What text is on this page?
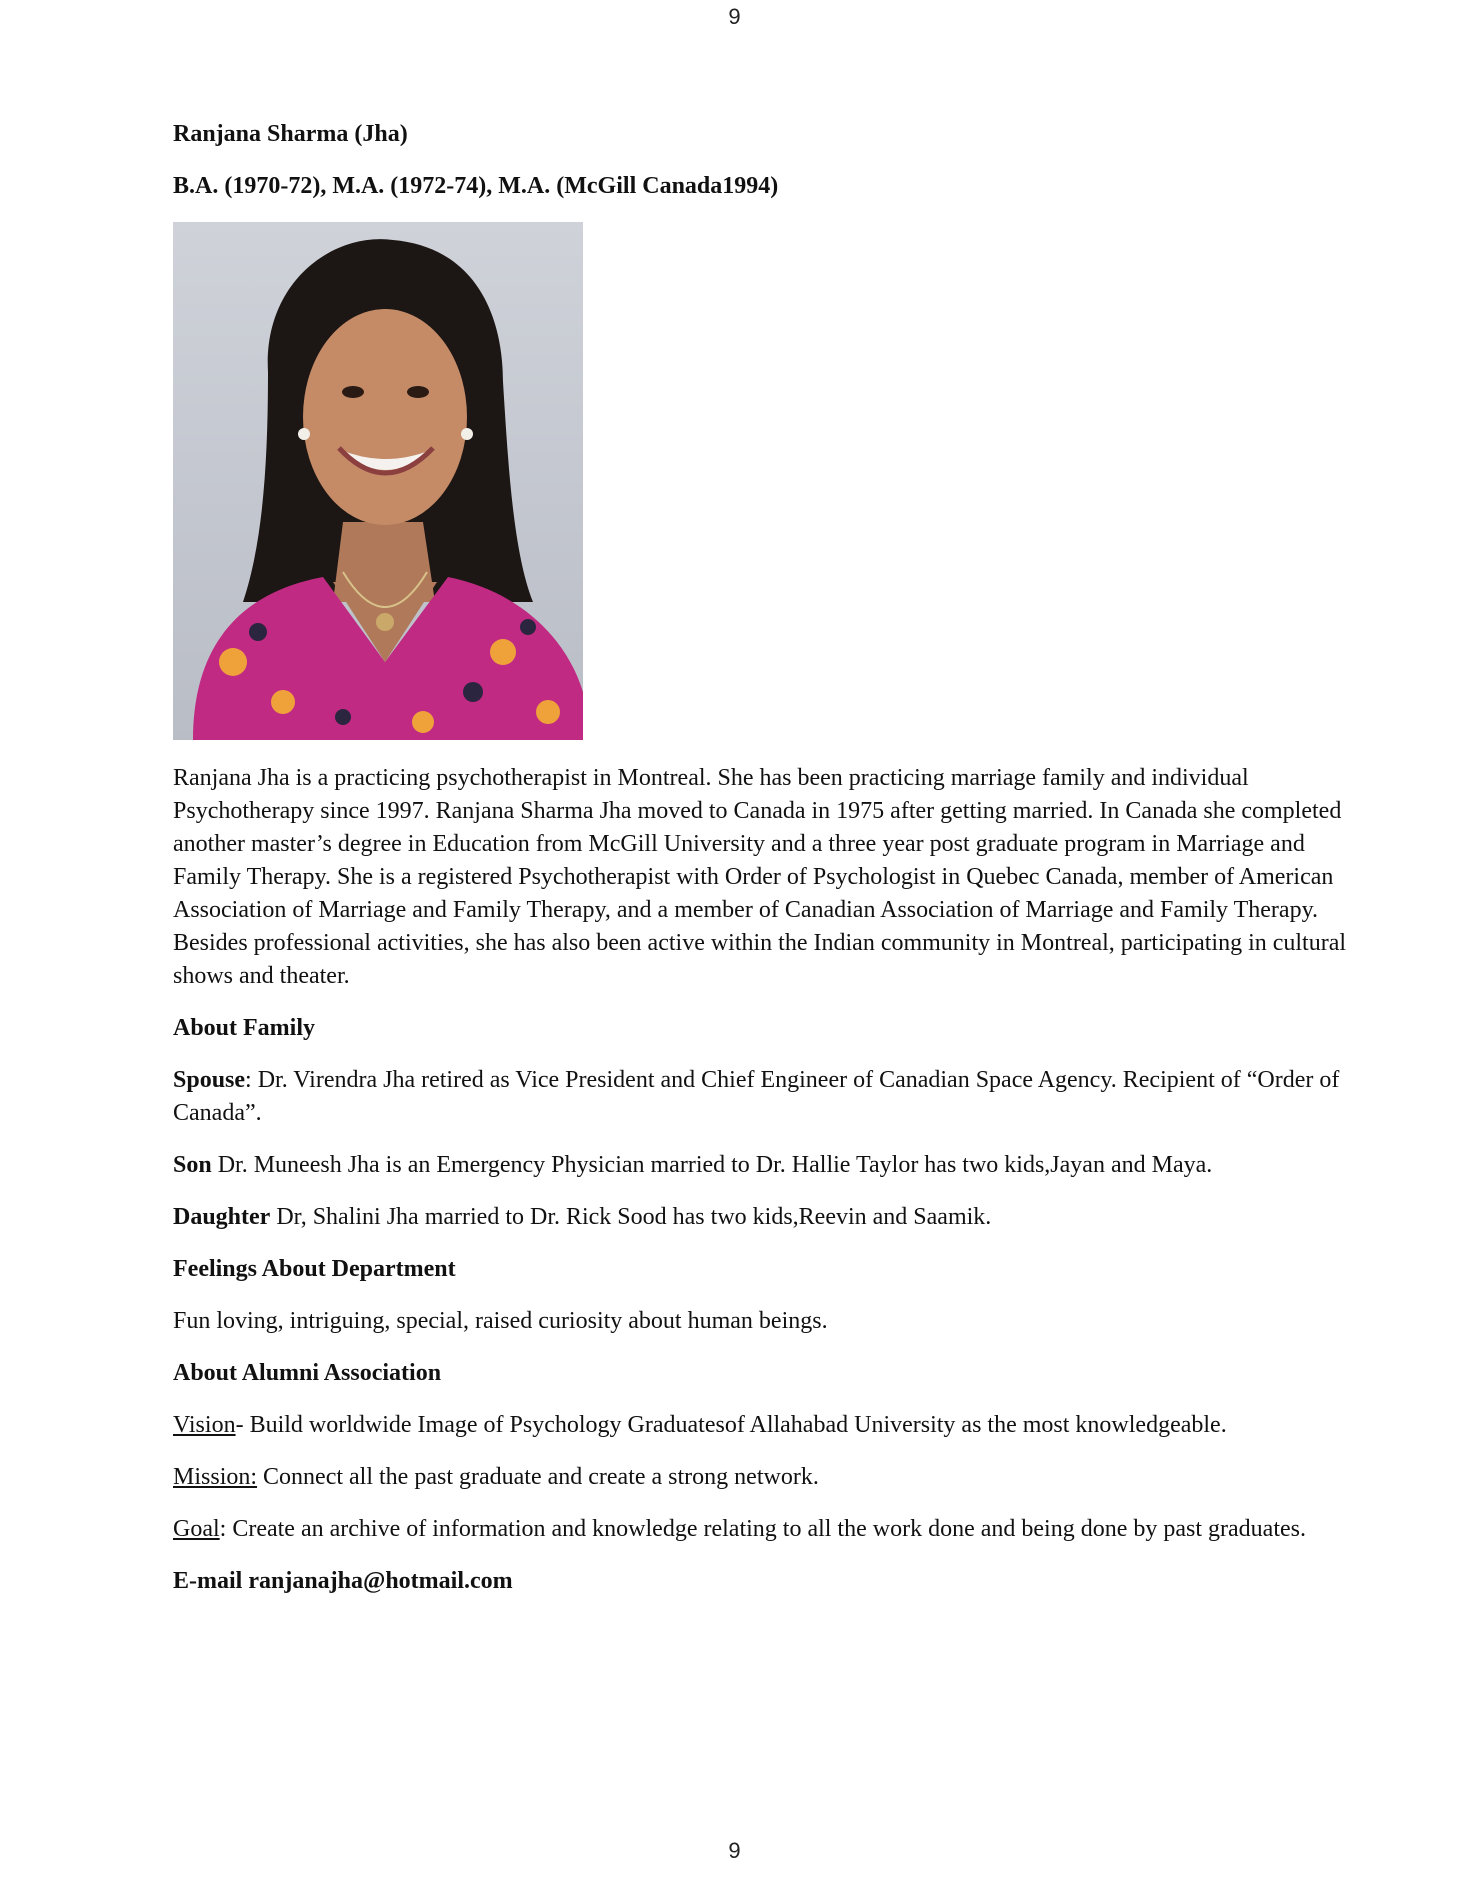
9

Ranjana Sharma (Jha)

B.A. (1970-72), M.A. (1972-74), M.A. (McGill Canada1994)

Ranjana Jha is a practicing psychotherapist in Montreal. She has been practicing marriage family and individual Psychotherapy since 1997. Ranjana Sharma Jha moved to Canada in 1975 after getting married. In Canada she completed another master’s degree in Education from McGill University and a three year post graduate program in Marriage and Family Therapy. She is a registered Psychotherapist with Order of Psychologist in Quebec Canada, member of American Association of Marriage and Family Therapy, and a member of Canadian Association of Marriage and Family Therapy. Besides professional activities, she has also been active within the Indian community in Montreal, participating in cultural shows and theater.

About Family

Spouse: Dr. Virendra Jha retired as Vice President and Chief Engineer of Canadian Space Agency. Recipient of “Order of Canada”.

Son Dr. Muneesh Jha is an Emergency Physician married to Dr. Hallie Taylor has two kids,Jayan and Maya.

Daughter Dr, Shalini Jha married to Dr. Rick Sood has two kids,Reevin and Saamik.

Feelings About Department

Fun loving, intriguing, special, raised curiosity about human beings.

About Alumni Association

Vision- Build worldwide Image of Psychology Graduatesof Allahabad University as the most knowledgeable.

Mission: Connect all the past graduate and create a strong network.

Goal: Create an archive of information and knowledge relating to all the work done and being done by past graduates.

E-mail ranjanajha@hotmail.com

9
